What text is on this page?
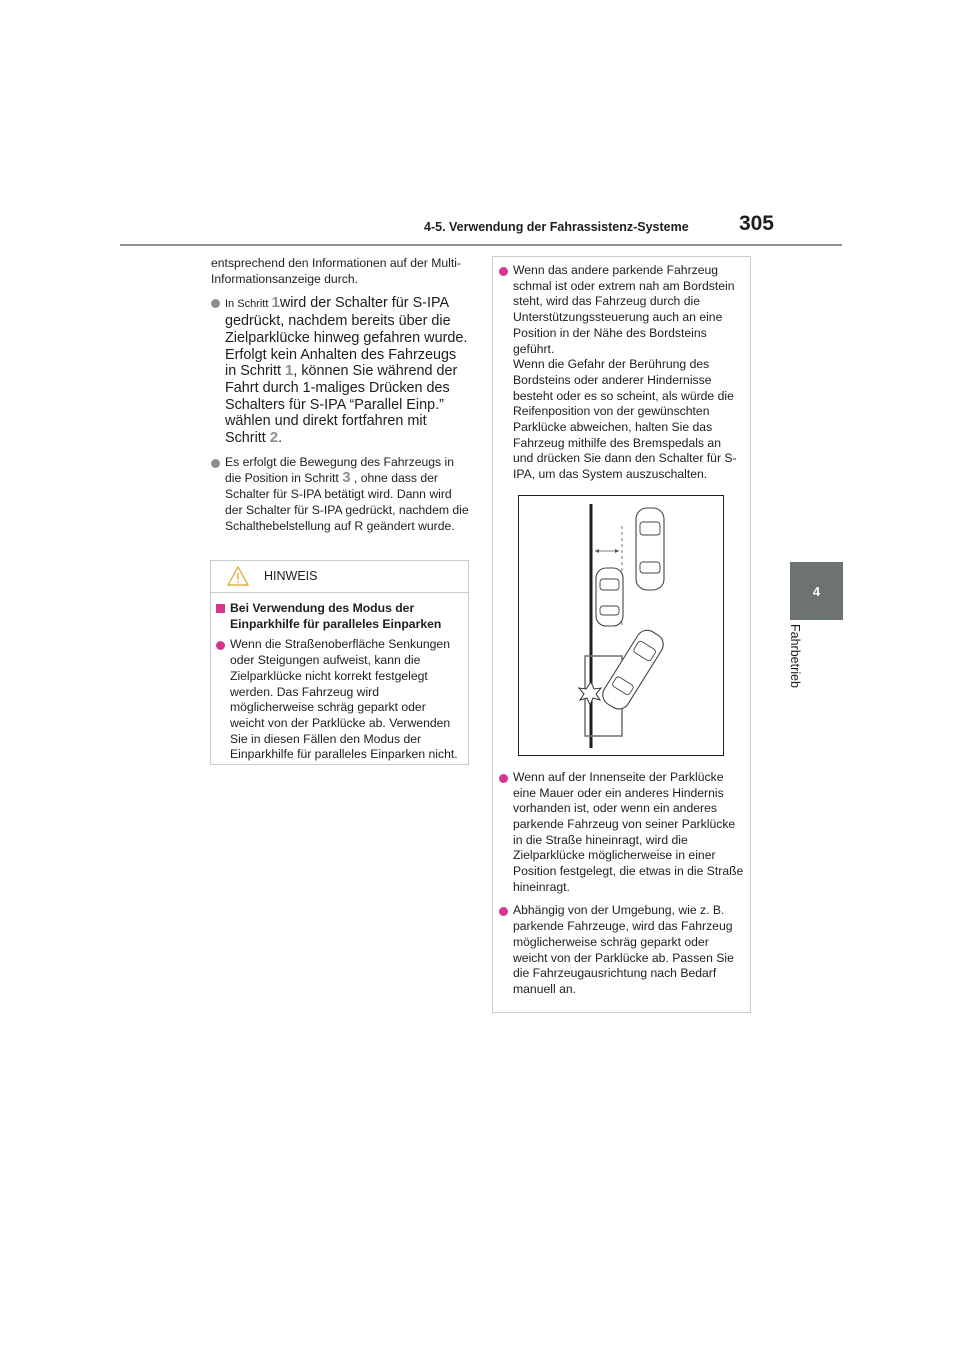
4-5. Verwendung der Fahrassistenz-Systeme 305
4
Fahrbetrieb

entsprechend den Informationen auf der Multi-Informationsanzeige durch.

In Schritt 1wird der Schalter für S-IPA gedrückt, nachdem bereits über die Zielparklücke hinweg gefahren wurde. Erfolgt kein Anhalten des Fahrzeugs in Schritt 1, können Sie während der Fahrt durch 1-maliges Drücken des Schalters für S-IPA “Parallel Einp.” wählen und direkt fortfahren mit Schritt 2.
Es erfolgt die Bewegung des Fahrzeugs in die Position in Schritt 3 , ohne dass der Schalter für S-IPA betätigt wird. Dann wird der Schalter für S-IPA gedrückt, nachdem die Schalthebelstellung auf R geändert wurde.
HINWEIS
Bei Verwendung des Modus der Einparkhilfe für paralleles Einparken
Wenn die Straßenoberfläche Senkungen oder Steigungen aufweist, kann die Zielparklücke nicht korrekt festgelegt werden. Das Fahrzeug wird möglicherweise schräg geparkt oder weicht von der Parklücke ab. Verwenden Sie in diesen Fällen den Modus der Einparkhilfe für paralleles Einparken nicht.
Wenn das andere parkende Fahrzeug schmal ist oder extrem nah am Bordstein steht, wird das Fahrzeug durch die Unterstützungssteuerung auch an eine Position in der Nähe des Bordsteins geführt.
Wenn die Gefahr der Berührung des Bordsteins oder anderer Hindernisse besteht oder es so scheint, als würde die Reifenposition von der gewünschten Parklücke abweichen, halten Sie das Fahrzeug mithilfe des Bremspedals an und drücken Sie dann den Schalter für S-IPA, um das System auszuschalten.
Wenn auf der Innenseite der Parklücke eine Mauer oder ein anderes Hindernis vorhanden ist, oder wenn ein anderes parkende Fahrzeug von seiner Parklücke in die Straße hineinragt, wird die Zielparklücke möglicherweise in einer Position festgelegt, die etwas in die Straße hineinragt.
Abhängig von der Umgebung, wie z. B. parkende Fahrzeuge, wird das Fahrzeug möglicherweise schräg geparkt oder weicht von der Parklücke ab. Passen Sie die Fahrzeugausrichtung nach Bedarf manuell an.
